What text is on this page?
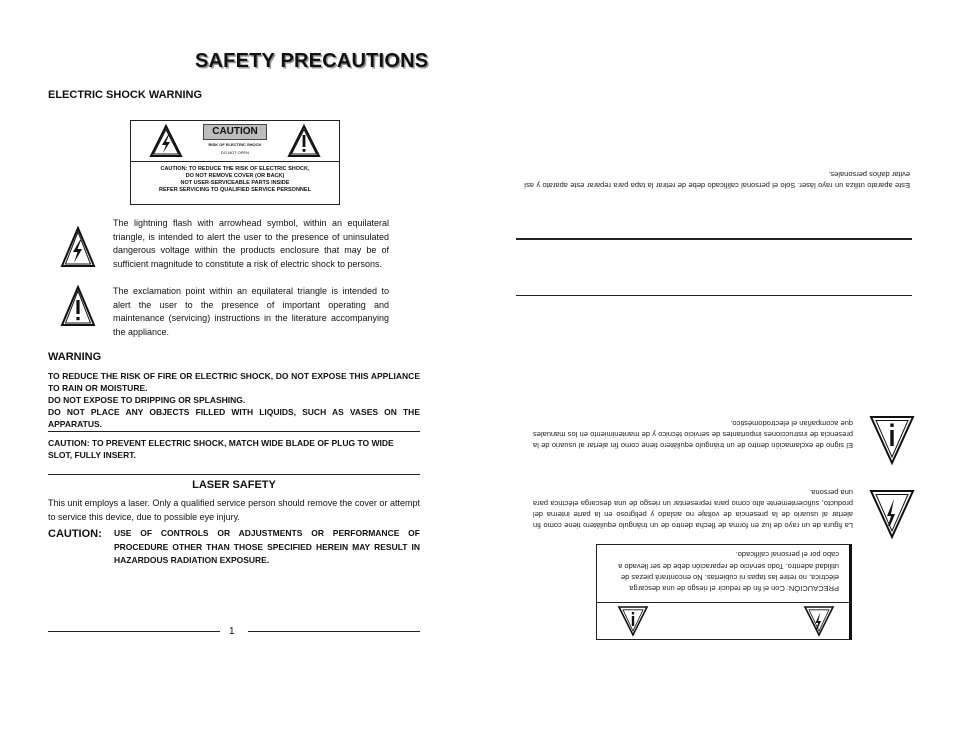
SAFETY PRECAUTIONS
ELECTRIC SHOCK WARNING
CAUTION
RISK OF ELECTRIC SHOCK
DO NOT OPEN
CAUTION: TO REDUCE THE RISK OF ELECTRIC SHOCK,
DO NOT REMOVE COVER (OR BACK)
NOT USER-SERVICEABLE PARTS INSIDE
REFER SERVICING TO QUALIFIED SERVICE PERSONNEL
The lightning flash with arrowhead symbol, within an equilateral triangle, is intended to alert the user to the presence of uninsulated dangerous voltage within the products enclosure that may be of sufficient magnitude to constitute a risk of electric shock to persons.
The exclamation point within an equilateral triangle is intended to alert the user to the presence of important operating and maintenance (servicing) instructions in the literature accompanying the appliance.
WARNING
TO REDUCE THE RISK OF FIRE OR ELECTRIC SHOCK, DO NOT EXPOSE THIS APPLIANCE TO RAIN OR MOISTURE.
DO NOT EXPOSE TO DRIPPING OR SPLASHING.
DO NOT PLACE ANY OBJECTS FILLED WITH LIQUIDS, SUCH AS VASES ON THE APPARATUS.
CAUTION: TO PREVENT ELECTRIC SHOCK, MATCH WIDE BLADE OF PLUG TO WIDE SLOT, FULLY INSERT.
LASER SAFETY
This unit employs a laser. Only a qualified service person should remove the cover or attempt to service this device, due to possible eye injury.
CAUTION: USE OF CONTROLS OR ADJUSTMENTS OR PERFORMANCE OF PROCEDURE OTHER THAN THOSE SPECIFIED HEREIN MAY RESULT IN HAZARDOUS RADIATION EXPOSURE.
1
Este aparato utiliza un rayo láser. Solo el personal calificado debe de retirar la tapa para reparar este aparato y así evitar daños personales.
El signo de exclamación dentro de un triángulo equilátero tiene como fin alertar al usuario de la presencia de instrucciones importantes de servicio técnico y de mantenimiento en los manuales que acompañan el electrodoméstico.
La figura de un rayo de luz en forma de flecha dentro de un triángulo equilátero tiene como fin alertar al usuario de la presencia de voltaje no aislado y peligroso en la parte interna del producto, suficientemente alto como para representar un riesgo de una descarga eléctrica para una persona.
PRECAUCIÓN: Con el fin de reducir el riesgo de una descarga eléctrica, no retire las tapas ni cubiertas. No encontrará piezas de utilidad adentro. Todo servicio de reparación debe de ser llevado a cabo por el personal calificado.
